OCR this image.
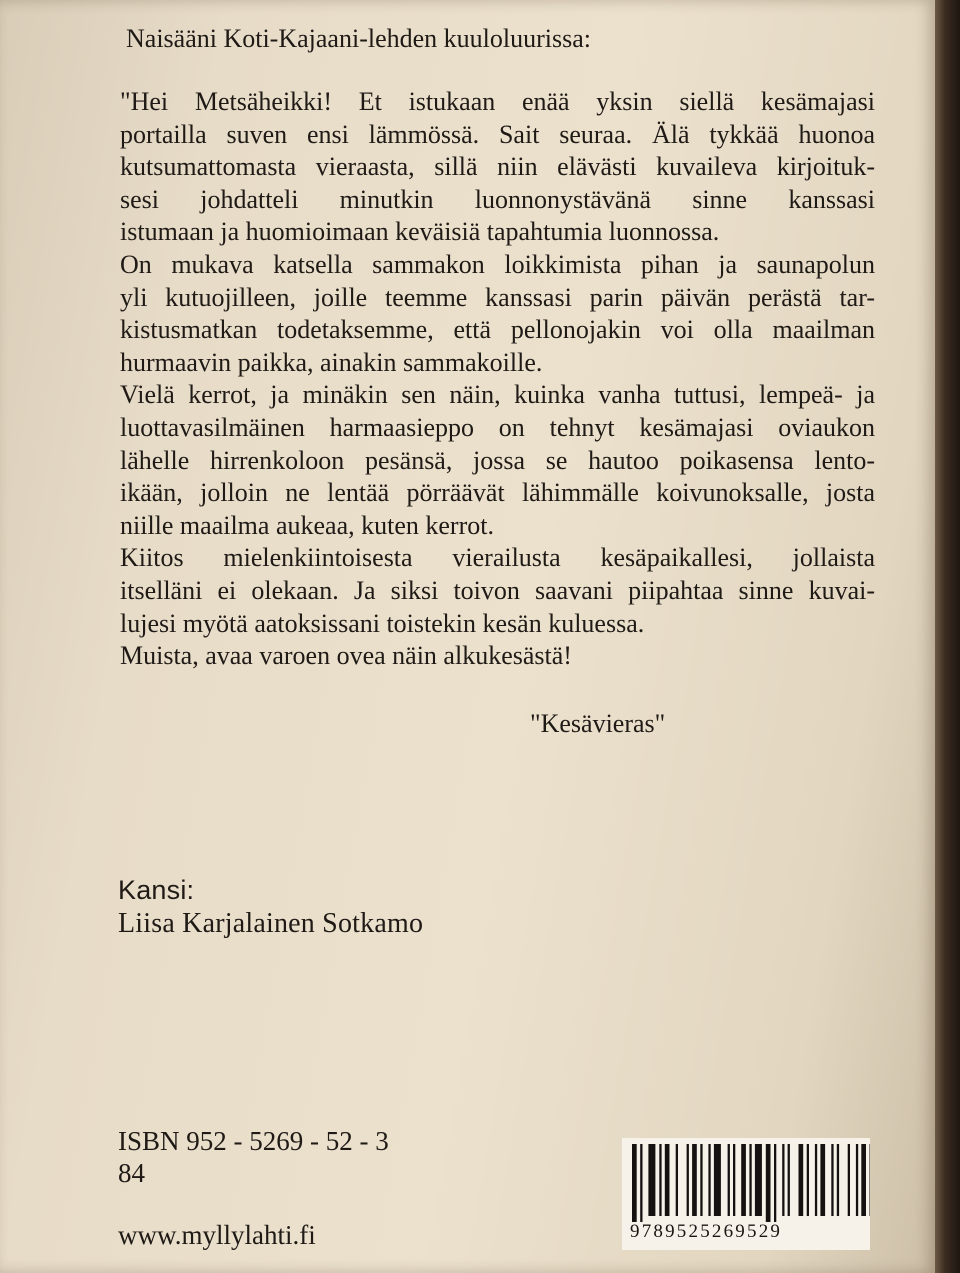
Naisääni Koti-Kajaani-lehden kuuloluurissa:
"Hei Metsäheikki! Et istukaan enää yksin siellä kesämajasi
portailla suven ensi lämmössä. Sait seuraa. Älä tykkää huonoa
kutsumattomasta vieraasta, sillä niin elävästi kuvaileva kirjoituk-
sesi johdatteli minutkin luonnonystävänä sinne kanssasi
istumaan ja huomioimaan keväisiä tapahtumia luonnossa.
On mukava katsella sammakon loikkimista pihan ja saunapolun
yli kutuojilleen, joille teemme kanssasi parin päivän perästä tar-
kistusmatkan todetaksemme, että pellonojakin voi olla maailman
hurmaavin paikka, ainakin sammakoille.
Vielä kerrot, ja minäkin sen näin, kuinka vanha tuttusi, lempeä- ja
luottavasilmäinen harmaasieppo on tehnyt kesämajasi oviaukon
lähelle hirrenkoloon pesänsä, jossa se hautoo poikasensa lento-
ikään, jolloin ne lentää pörräävät lähimmälle koivunoksalle, josta
niille maailma aukeaa, kuten kerrot.
Kiitos mielenkiintoisesta vierailusta kesäpaikallesi, jollaista
itselläni ei olekaan. Ja siksi toivon saavani piipahtaa sinne kuvai-
lujesi myötä aatoksissani toistekin kesän kuluessa.
Muista, avaa varoen ovea näin alkukesästä!
"Kesävieras"
Kansi:
Liisa Karjalainen Sotkamo
ISBN 952 - 5269 - 52 - 3
84
www.myllylahti.fi	9789525269529
